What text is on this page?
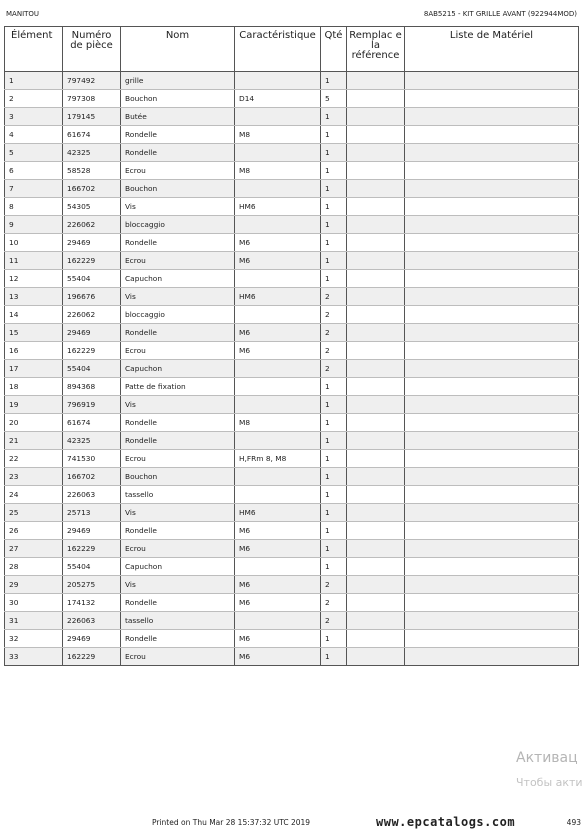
MANITOU	8AB5215 - KIT GRILLE AVANT (922944MOD)
Élément	Numéro de pièce	Nom	Caractéristique	Qté	Remplac e la référence	Liste de Matériel
1	797492	grille		1		
2	797308	Bouchon	D14	5		
3	179145	Butée		1		
4	61674	Rondelle	M8	1		
5	42325	Rondelle		1		
6	58528	Ecrou	M8	1		
7	166702	Bouchon		1		
8	54305	Vis	HM6	1		
9	226062	bloccaggio		1		
10	29469	Rondelle	M6	1		
11	162229	Ecrou	M6	1		
12	55404	Capuchon		1		
13	196676	Vis	HM6	2		
14	226062	bloccaggio		2		
15	29469	Rondelle	M6	2		
16	162229	Ecrou	M6	2		
17	55404	Capuchon		2		
18	894368	Patte de fixation		1		
19	796919	Vis		1		
20	61674	Rondelle	M8	1		
21	42325	Rondelle		1		
22	741530	Ecrou	H,FRm 8, M8	1		
23	166702	Bouchon		1		
24	226063	tassello		1		
25	25713	Vis	HM6	1		
26	29469	Rondelle	M6	1		
27	162229	Ecrou	M6	1		
28	55404	Capuchon		1		
29	205275	Vis	M6	2		
30	174132	Rondelle	M6	2		
31	226063	tassello		2		
32	29469	Rondelle	M6	1		
33	162229	Ecrou	M6	1		
Активац
Чтобы акти
Printed on Thu Mar 28 15:37:32 UTC 2019	www.epcatalogs.com	493
